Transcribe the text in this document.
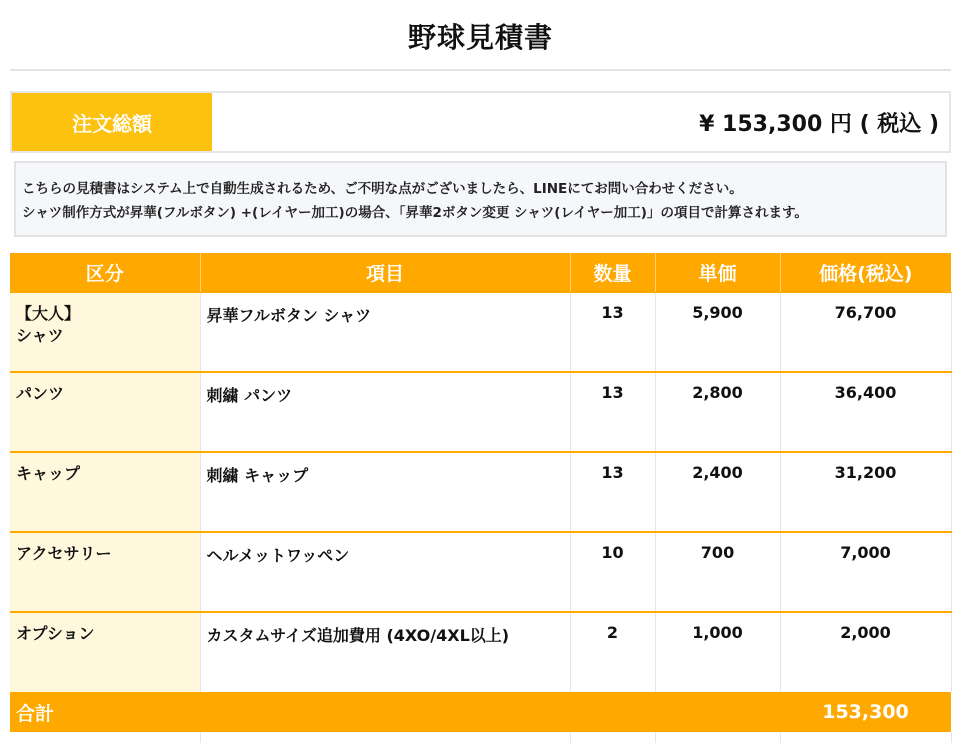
野球見積書
注文総額	¥ 153,300 円 ( 税込 )
こちらの見積書はシステム上で自動生成されるため、ご不明な点がございましたら、LINEにてお問い合わせください。
シャツ制作方式が昇華(フルボタン) +(レイヤー加工)の場合、「昇華2ボタン変更 シャツ(レイヤー加工)」の項目で計算されます。
区分	項目	数量	単価	価格(税込)

【大人】
シャツ	昇華フルボタン シャツ	13	5,900	76,700

パンツ	刺繍 パンツ	13	2,800	36,400

キャップ	刺繍 キャップ	13	2,400	31,200

アクセサリー	ヘルメットワッペン	10	700	7,000

オプション	カスタムサイズ追加費用 (4XO/4XL以上)	2	1,000	2,000
合計				153,300
